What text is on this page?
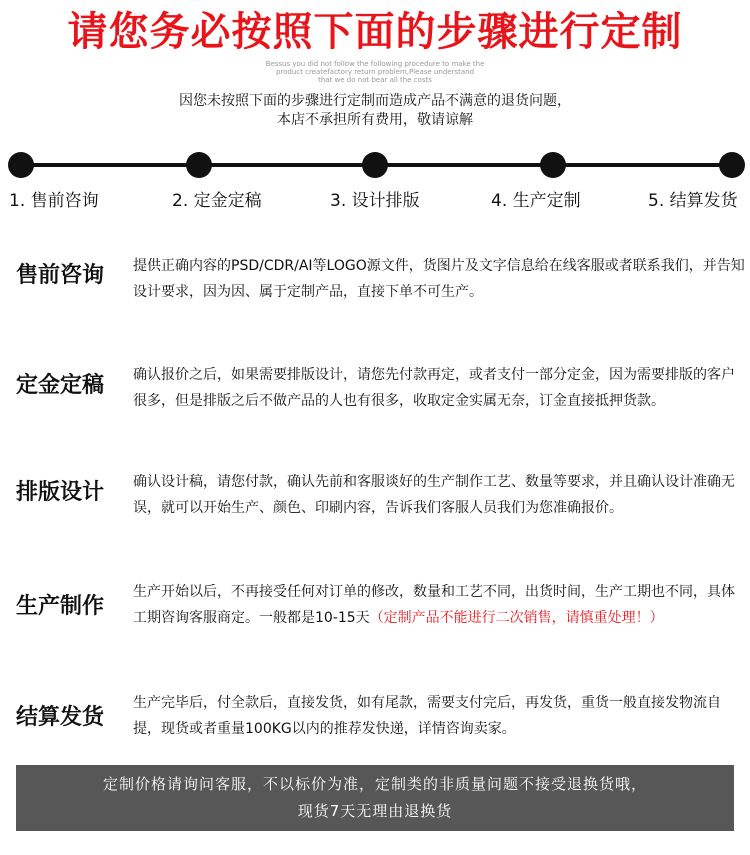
请您务必按照下面的步骤进行定制
Bessus you did not follow the following procedure to make the
product createfactory return problem,Please understand
that we do not bear all the costs
因您未按照下面的步骤进行定制而造成产品不满意的退货问题，
本店不承担所有费用，敬请谅解
1. 售前咨询	2. 定金定稿	3. 设计排版	4. 生产定制	5. 结算发货
售前咨询 提供正确内容的PSD/CDR/AI等LOGO源文件，货图片及文字信息给在线客服或者联系我们，并告知设计要求，因为因、属于定制产品，直接下单不可生产。
定金定稿 确认报价之后，如果需要排版设计，请您先付款再定，或者支付一部分定金，因为需要排版的客户很多，但是排版之后不做产品的人也有很多，收取定金实属无奈，订金直接抵押货款。
排版设计 确认设计稿，请您付款，确认先前和客服谈好的生产制作工艺、数量等要求，并且确认设计准确无误，就可以开始生产、颜色、印刷内容，告诉我们客服人员我们为您准确报价。
生产制作
生产开始以后，不再接受任何对订单的修改，数量和工艺不同，出货时间，生产工期也不同，具体工期咨询客服商定。一般都是10-15天（定制产品不能进行二次销售，请慎重处理！）
结算发货
生产完毕后，付全款后，直接发货，如有尾款，需要支付完后，再发货，重货一般直接发物流自提，现货或者重量100KG以内的推荐发快递，详情咨询卖家。
定制价格请询问客服，不以标价为准，定制类的非质量问题不接受退换货哦，
现货7天无理由退换货
